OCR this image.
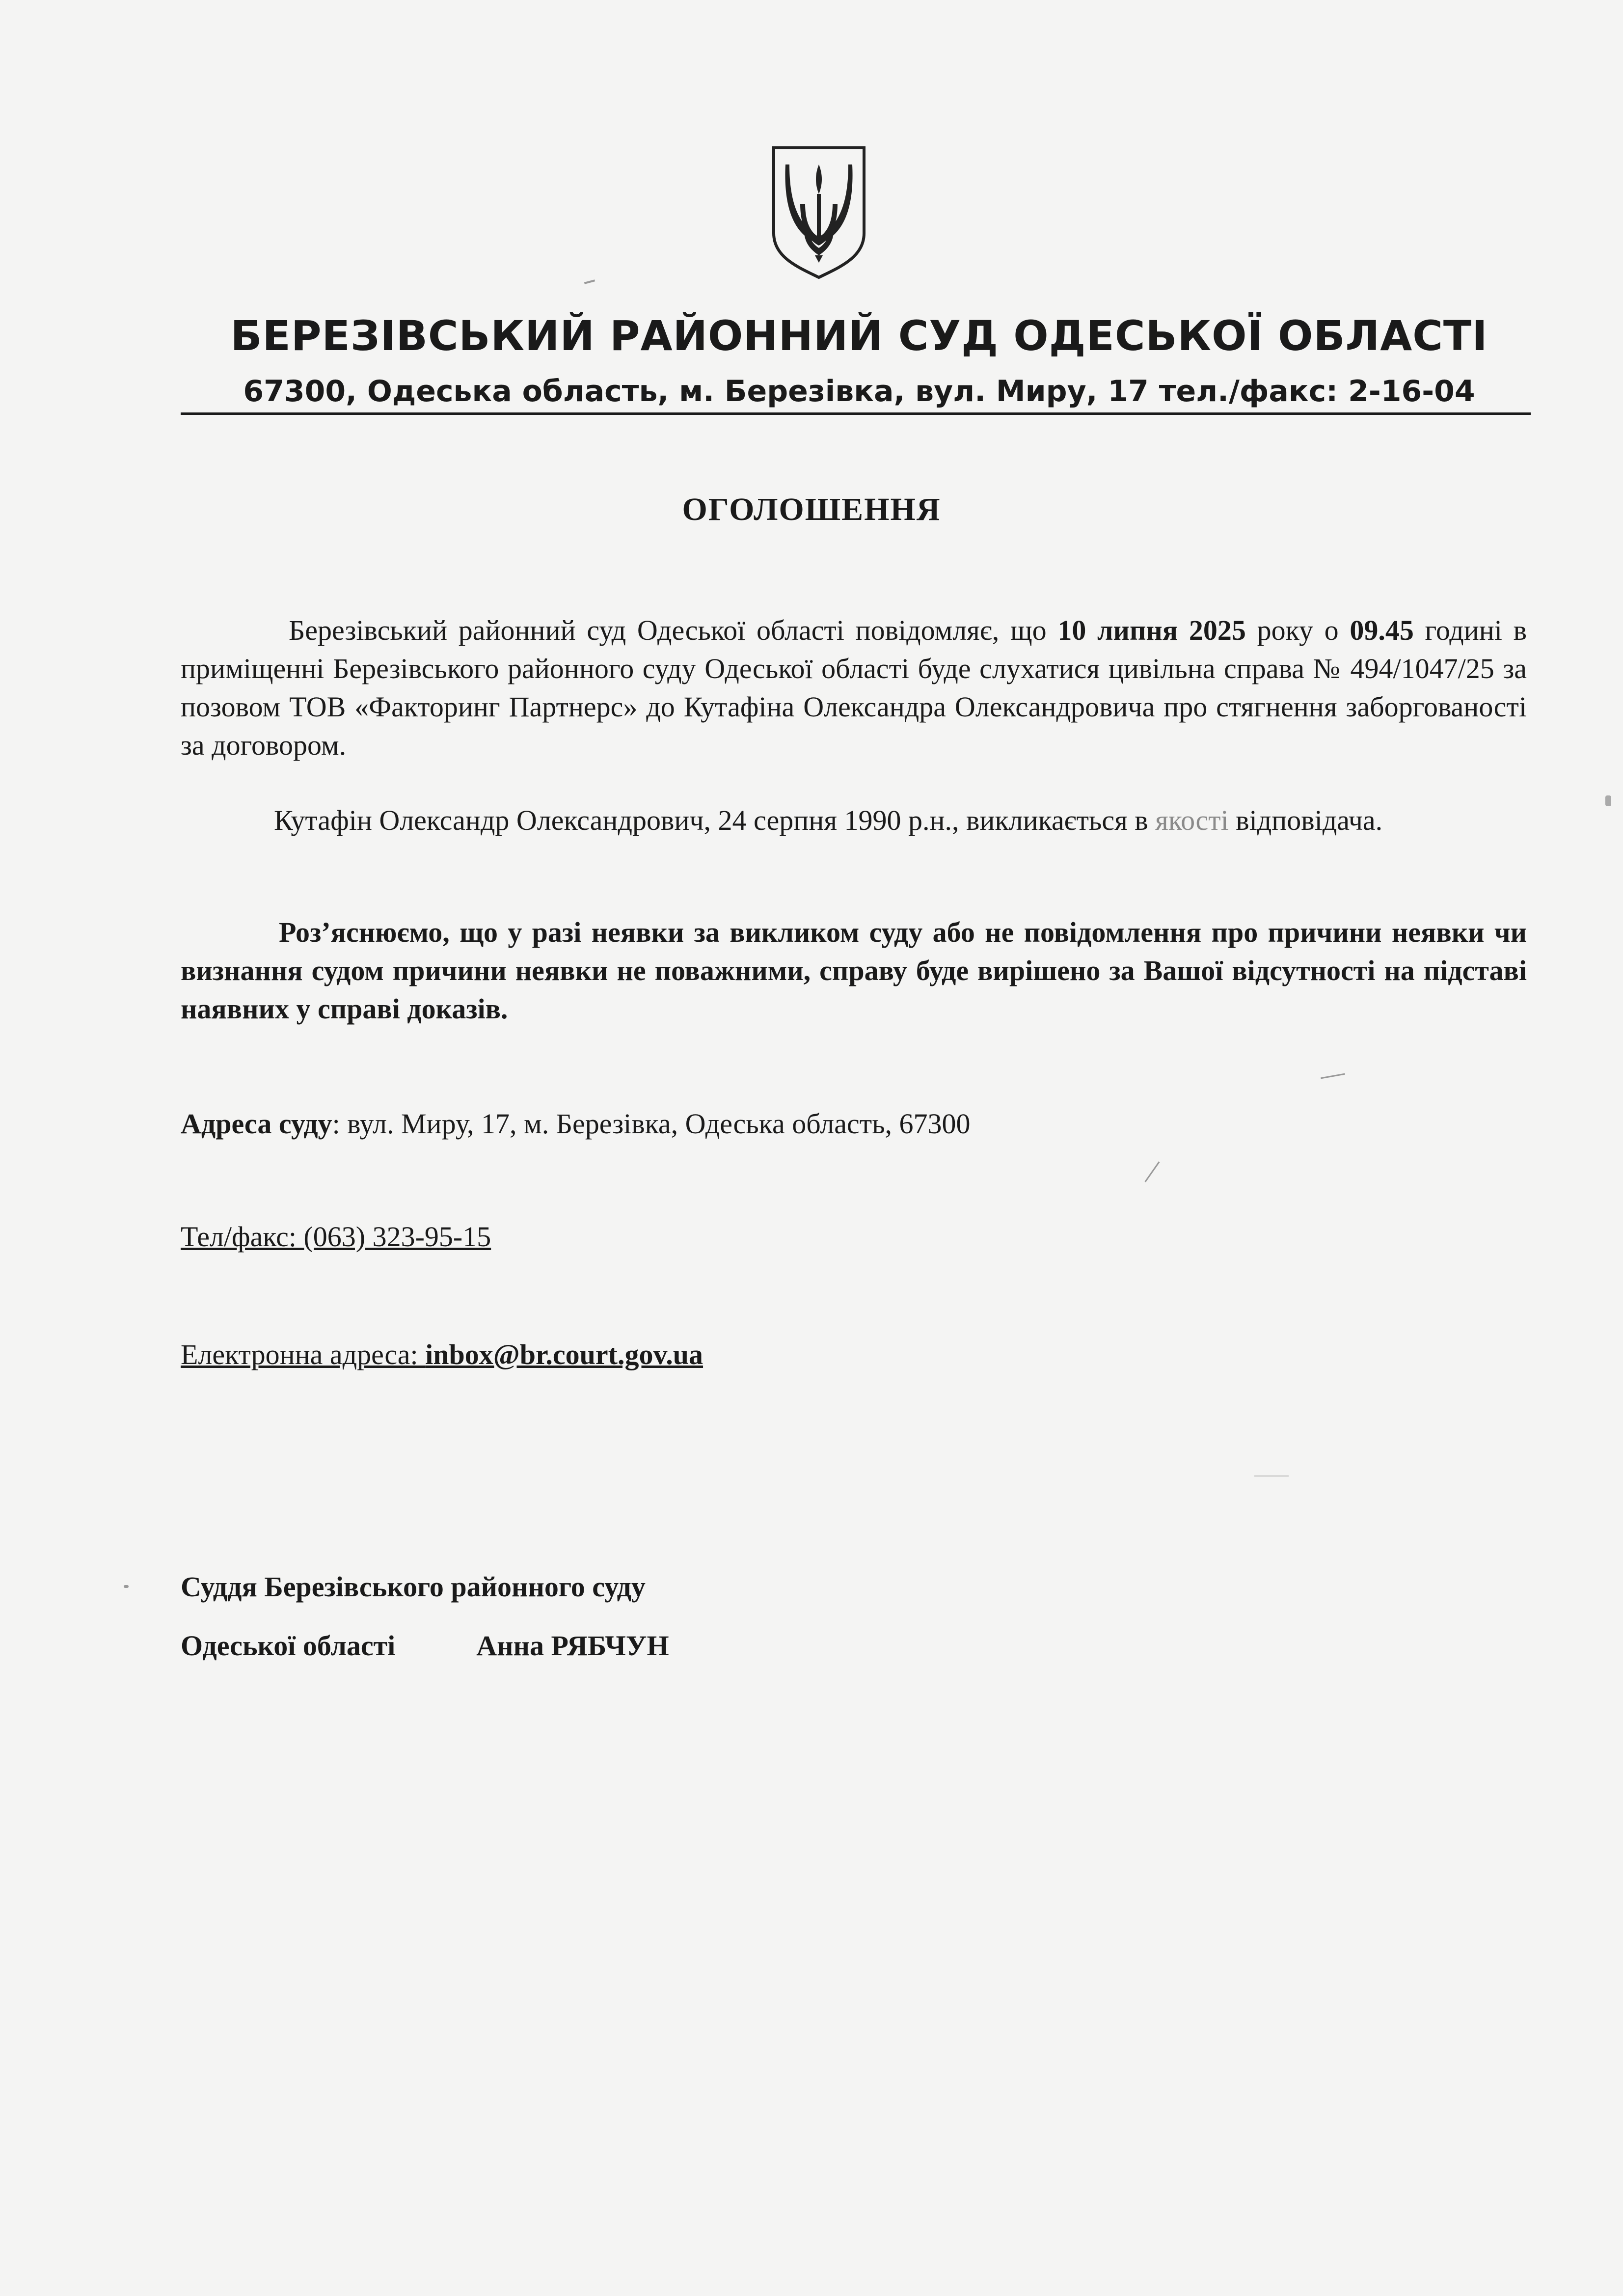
БЕРЕЗІВСЬКИЙ РАЙОННИЙ СУД ОДЕСЬКОЇ ОБЛАСТІ
67300, Одеська область, м. Березівка, вул. Миру, 17 тел./факс: 2-16-04
ОГОЛОШЕННЯ
Березівський районний суд Одеської області повідомляє, що 10 липня 2025 року о 09.45 годині в приміщенні Березівського районного суду Одеської області буде слухатися цивільна справа № 494/1047/25 за позовом ТОВ «Факторинг Партнерс» до Кутафіна Олександра Олександровича про стягнення заборгованості за договором.
Кутафін Олександр Олександрович, 24 серпня 1990 р.н., викликається в якості відповідача.
Роз’яснюємо, що у разі неявки за викликом суду або не повідомлення про причини неявки чи визнання судом причини неявки не поважними, справу буде вирішено за Вашої відсутності на підставі наявних у справі доказів.
Адреса суду: вул. Миру, 17, м. Березівка, Одеська область, 67300
Тел/факс: (063) 323-95-15
Електронна адреса: inbox@br.court.gov.ua
Суддя Березівського районного суду
Одеської області	Анна РЯБЧУН
